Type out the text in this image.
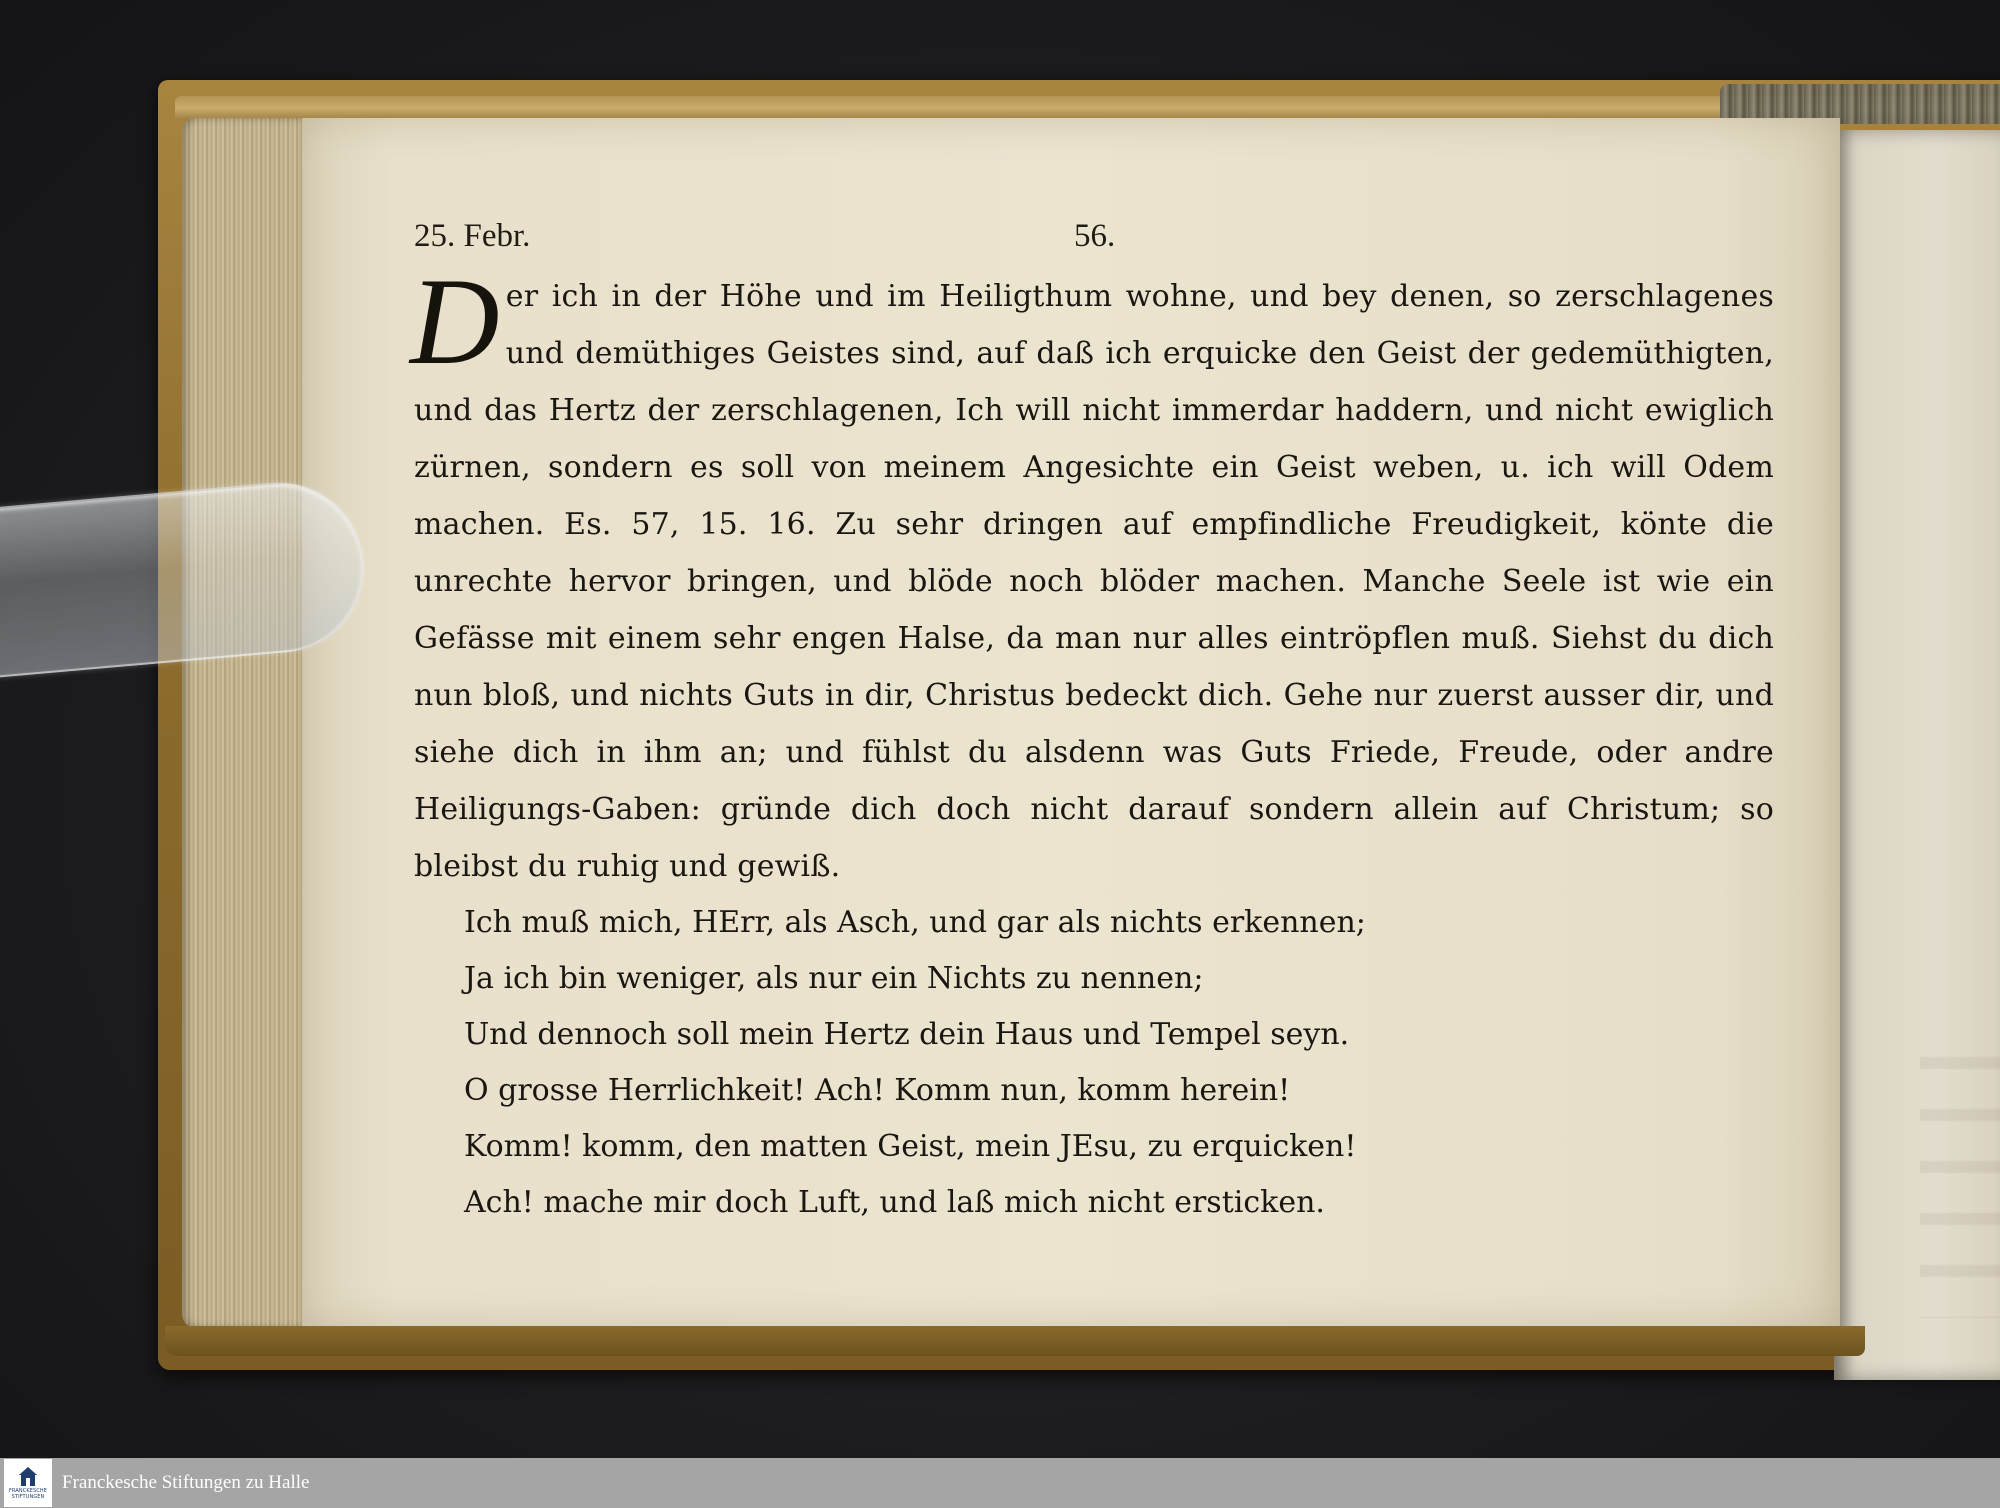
25. Febr.	56.
Der ich in der Höhe und im Heiligthum wohne, und bey denen, so zerschlagenes und demüthiges Geistes sind, auf daß ich erquicke den Geist der gedemüthigten, und das Hertz der zerschlagenen, Ich will nicht immerdar haddern, und nicht ewiglich zürnen, sondern es soll von meinem Angesichte ein Geist weben, u. ich will Odem machen. Es. 57, 15. 16. Zu sehr dringen auf empfindliche Freudigkeit, könte die unrechte hervor bringen, und blöde noch blöder machen. Manche Seele ist wie ein Gefässe mit einem sehr engen Halse, da man nur alles eintröpflen muß. Siehst du dich nun bloß, und nichts Guts in dir, Christus bedeckt dich. Gehe nur zuerst ausser dir, und siehe dich in ihm an; und fühlst du alsdenn was Guts Friede, Freude, oder andre Heiligungs-Gaben: gründe dich doch nicht darauf sondern allein auf Christum; so bleibst du ruhig und gewiß.
Ich muß mich, HErr, als Asch, und gar als nichts erkennen;
Ja ich bin weniger, als nur ein Nichts zu nennen;
Und dennoch soll mein Hertz dein Haus und Tempel seyn.
O grosse Herrlichkeit! Ach! Komm nun, komm herein!
Komm! komm, den matten Geist, mein JEsu, zu erquicken!
Ach! mache mir doch Luft, und laß mich nicht ersticken.
FRANCKESCHE
STIFTUNGEN
Franckesche Stiftungen zu Halle
